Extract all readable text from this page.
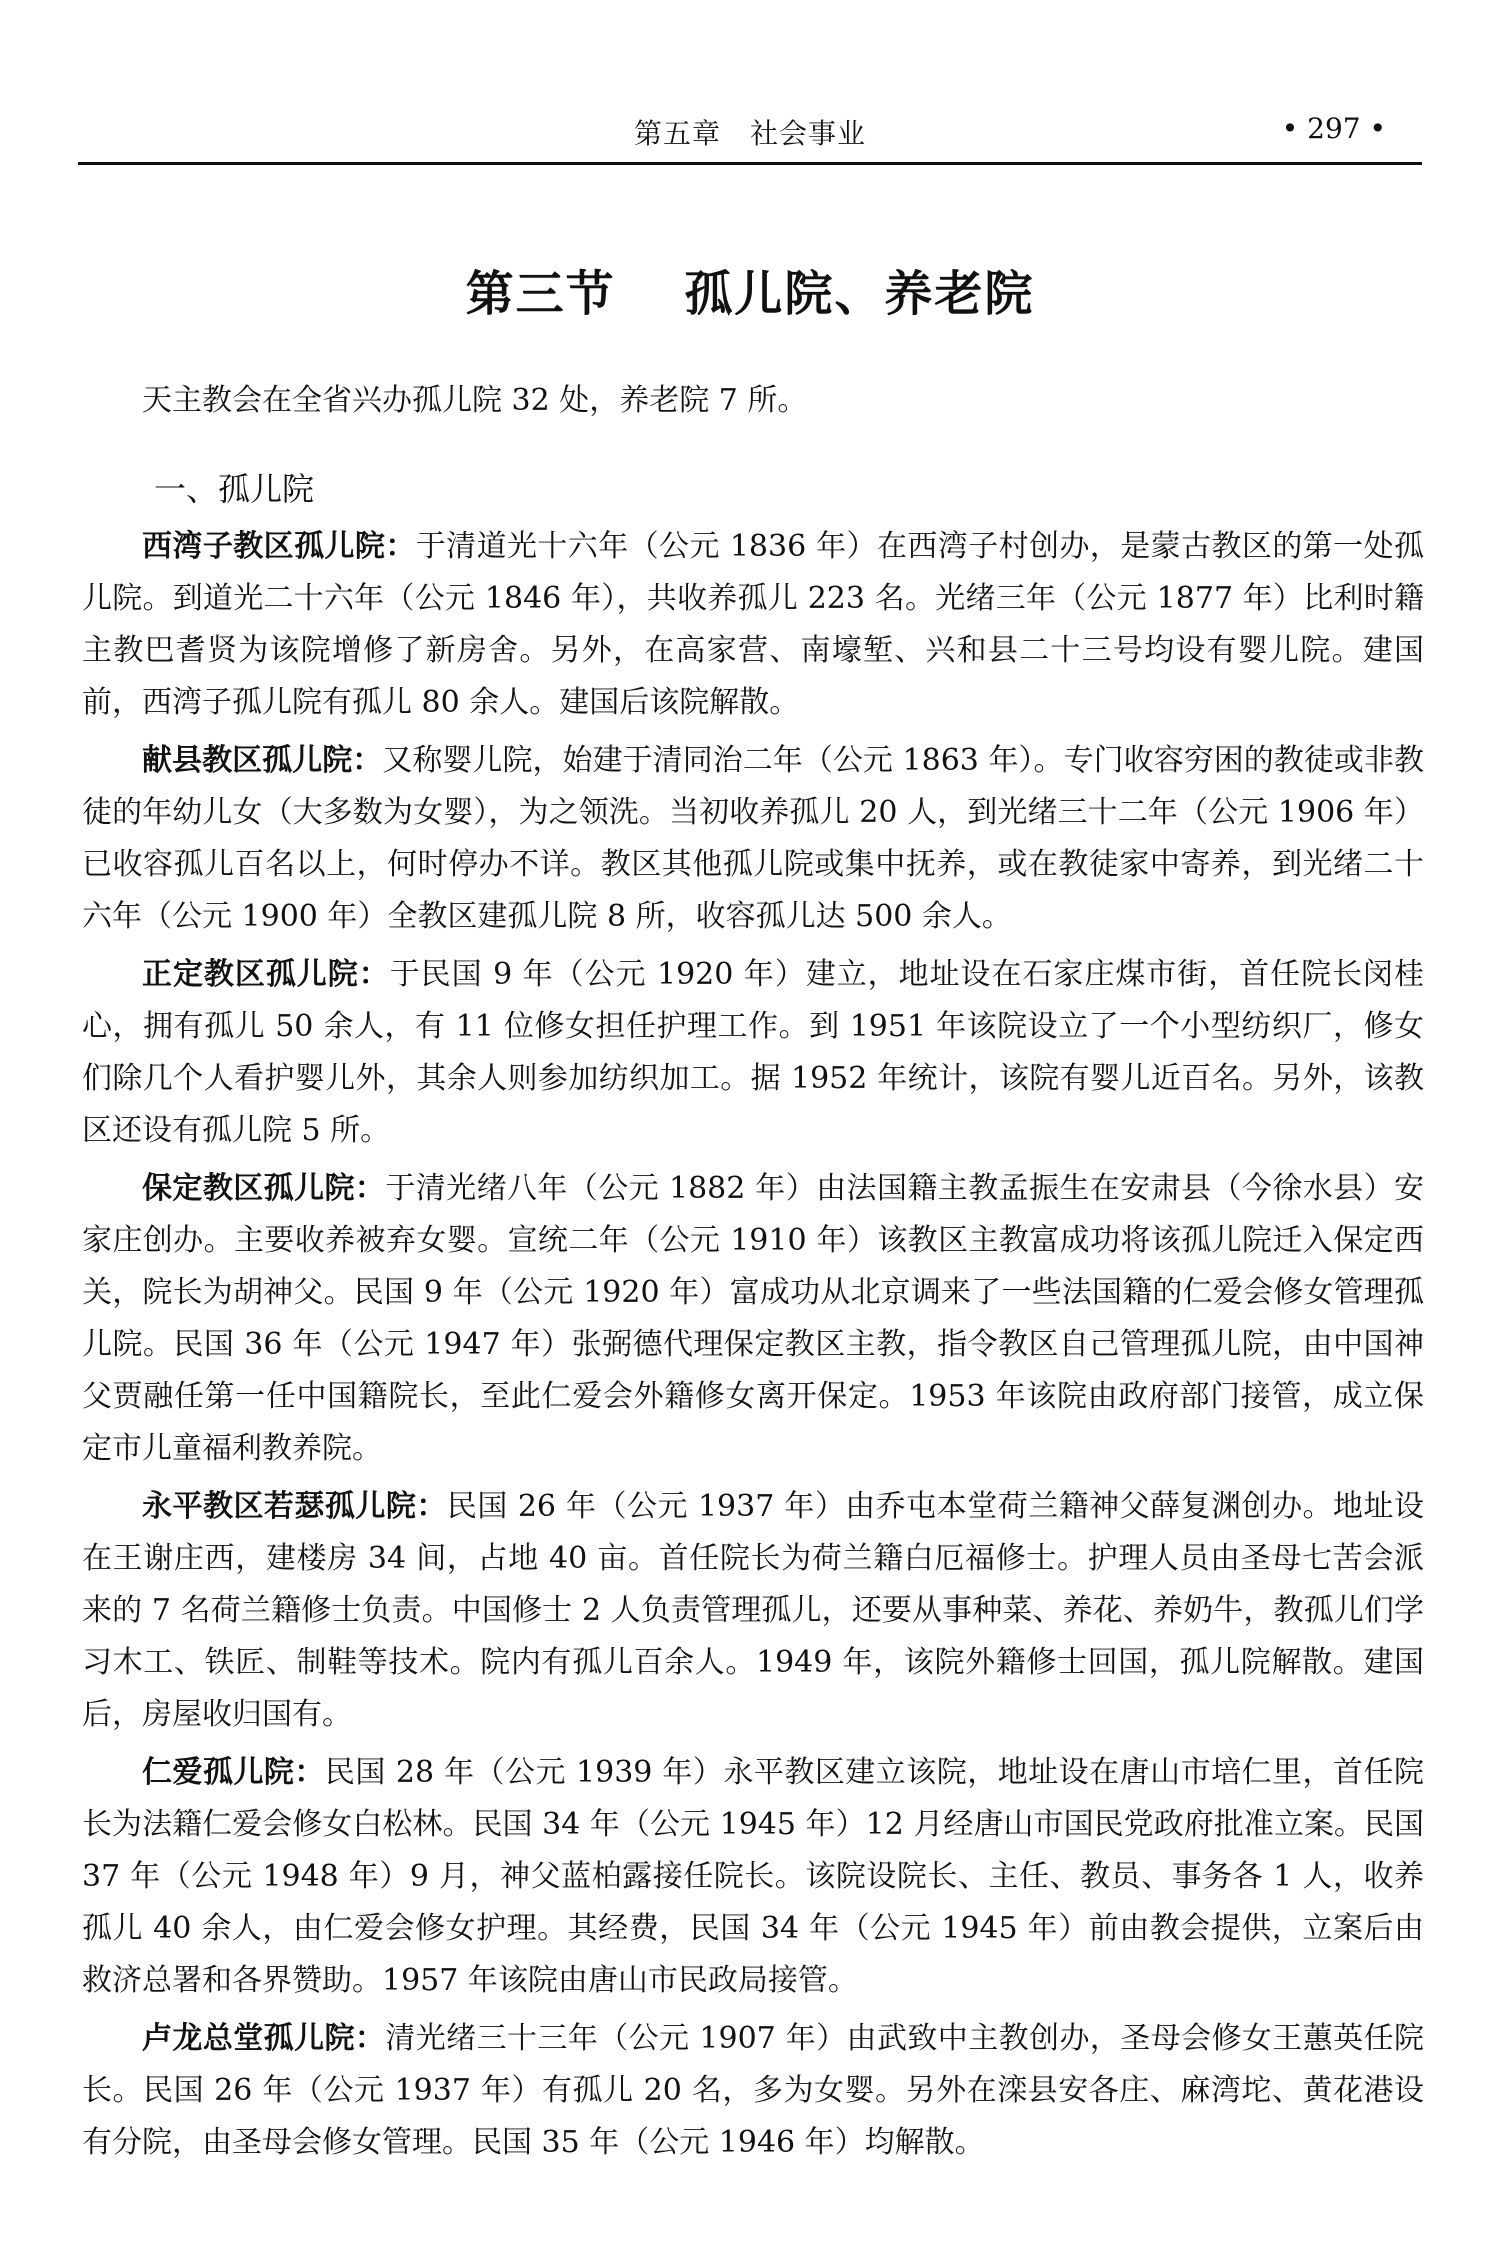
第五章　社会事业	• 297 •
第三节　 孤儿院、养老院

天主教会在全省兴办孤儿院 32 处，养老院 7 所。

一、孤儿院

西湾子教区孤儿院：于清道光十六年（公元 1836 年）在西湾子村创办，是蒙古教区的第一处孤儿院。到道光二十六年（公元 1846 年），共收养孤儿 223 名。光绪三年（公元 1877 年）比利时籍主教巴耆贤为该院增修了新房舍。另外，在高家营、南壕堑、兴和县二十三号均设有婴儿院。建国前，西湾子孤儿院有孤儿 80 余人。建国后该院解散。

献县教区孤儿院：又称婴儿院，始建于清同治二年（公元 1863 年）。专门收容穷困的教徒或非教徒的年幼儿女（大多数为女婴），为之领洗。当初收养孤儿 20 人，到光绪三十二年（公元 1906 年）已收容孤儿百名以上，何时停办不详。教区其他孤儿院或集中抚养，或在教徒家中寄养，到光绪二十六年（公元 1900 年）全教区建孤儿院 8 所，收容孤儿达 500 余人。

正定教区孤儿院：于民国 9 年（公元 1920 年）建立，地址设在石家庄煤市街，首任院长闵桂心，拥有孤儿 50 余人，有 11 位修女担任护理工作。到 1951 年该院设立了一个小型纺织厂，修女们除几个人看护婴儿外，其余人则参加纺织加工。据 1952 年统计，该院有婴儿近百名。另外，该教区还设有孤儿院 5 所。

保定教区孤儿院：于清光绪八年（公元 1882 年）由法国籍主教孟振生在安肃县（今徐水县）安家庄创办。主要收养被弃女婴。宣统二年（公元 1910 年）该教区主教富成功将该孤儿院迁入保定西关，院长为胡神父。民国 9 年（公元 1920 年）富成功从北京调来了一些法国籍的仁爱会修女管理孤儿院。民国 36 年（公元 1947 年）张弼德代理保定教区主教，指令教区自己管理孤儿院，由中国神父贾融任第一任中国籍院长，至此仁爱会外籍修女离开保定。1953 年该院由政府部门接管，成立保定市儿童福利教养院。

永平教区若瑟孤儿院：民国 26 年（公元 1937 年）由乔屯本堂荷兰籍神父薛复渊创办。地址设在王谢庄西，建楼房 34 间，占地 40 亩。首任院长为荷兰籍白厄福修士。护理人员由圣母七苦会派来的 7 名荷兰籍修士负责。中国修士 2 人负责管理孤儿，还要从事种菜、养花、养奶牛，教孤儿们学习木工、铁匠、制鞋等技术。院内有孤儿百余人。1949 年，该院外籍修士回国，孤儿院解散。建国后，房屋收归国有。

仁爱孤儿院：民国 28 年（公元 1939 年）永平教区建立该院，地址设在唐山市培仁里，首任院长为法籍仁爱会修女白松林。民国 34 年（公元 1945 年）12 月经唐山市国民党政府批准立案。民国 37 年（公元 1948 年）9 月，神父蓝柏露接任院长。该院设院长、主任、教员、事务各 1 人，收养孤儿 40 余人，由仁爱会修女护理。其经费，民国 34 年（公元 1945 年）前由教会提供，立案后由救济总署和各界赞助。1957 年该院由唐山市民政局接管。

卢龙总堂孤儿院：清光绪三十三年（公元 1907 年）由武致中主教创办，圣母会修女王蕙英任院长。民国 26 年（公元 1937 年）有孤儿 20 名，多为女婴。另外在滦县安各庄、麻湾坨、黄花港设有分院，由圣母会修女管理。民国 35 年（公元 1946 年）均解散。
